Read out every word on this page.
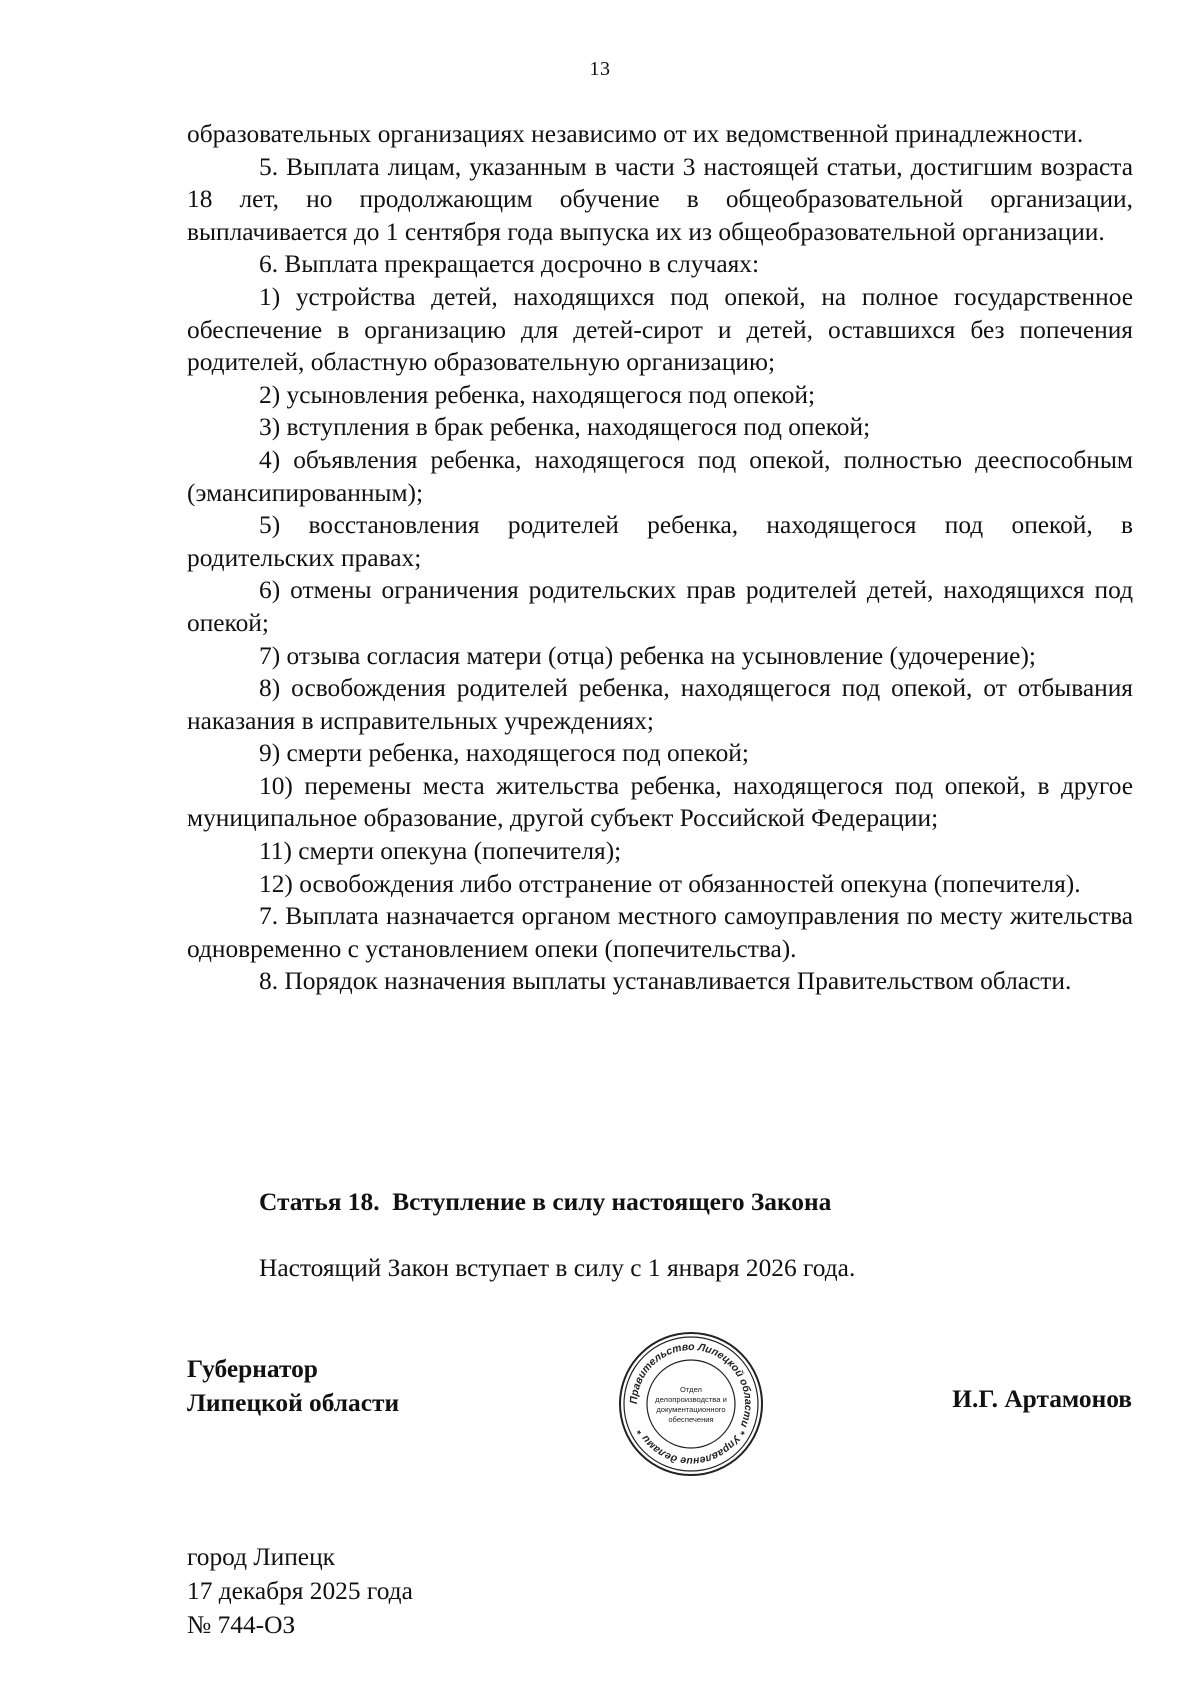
13

образовательных организациях независимо от их ведомственной принадлежности.

5. Выплата лицам, указанным в части 3 настоящей статьи, достигшим возраста 18 лет, но продолжающим обучение в общеобразовательной организации, выплачивается до 1 сентября года выпуска их из общеобразовательной организации.

6. Выплата прекращается досрочно в случаях:

1) устройства детей, находящихся под опекой, на полное государственное обеспечение в организацию для детей-сирот и детей, оставшихся без попечения родителей, областную образовательную организацию;

2) усыновления ребенка, находящегося под опекой;

3) вступления в брак ребенка, находящегося под опекой;

4) объявления ребенка, находящегося под опекой, полностью дееспособным (эмансипированным);

5) восстановления родителей ребенка, находящегося под опекой, в родительских правах;

6) отмены ограничения родительских прав родителей детей, находящихся под опекой;

7) отзыва согласия матери (отца) ребенка на усыновление (удочерение);

8) освобождения родителей ребенка, находящегося под опекой, от отбывания наказания в исправительных учреждениях;

9) смерти ребенка, находящегося под опекой;

10) перемены места жительства ребенка, находящегося под опекой, в другое муниципальное образование, другой субъект Российской Федерации;

11) смерти опекуна (попечителя);

12) освобождения либо отстранение от обязанностей опекуна (попечителя).

7. Выплата назначается органом местного самоуправления по месту жительства одновременно с установлением опеки (попечительства).

8. Порядок назначения выплаты устанавливается Правительством области.

Статья 18.  Вступление в силу настоящего Закона
Настоящий Закон вступает в силу с 1 января 2026 года.
Губернатор
Липецкой области	Правительство Липецкой области * Управление делами *
Отдел
делопроизводства и
документационного
обеспечения
И.Г. Артамонов
город Липецк
17 декабря 2025 года
№ 744-ОЗ
